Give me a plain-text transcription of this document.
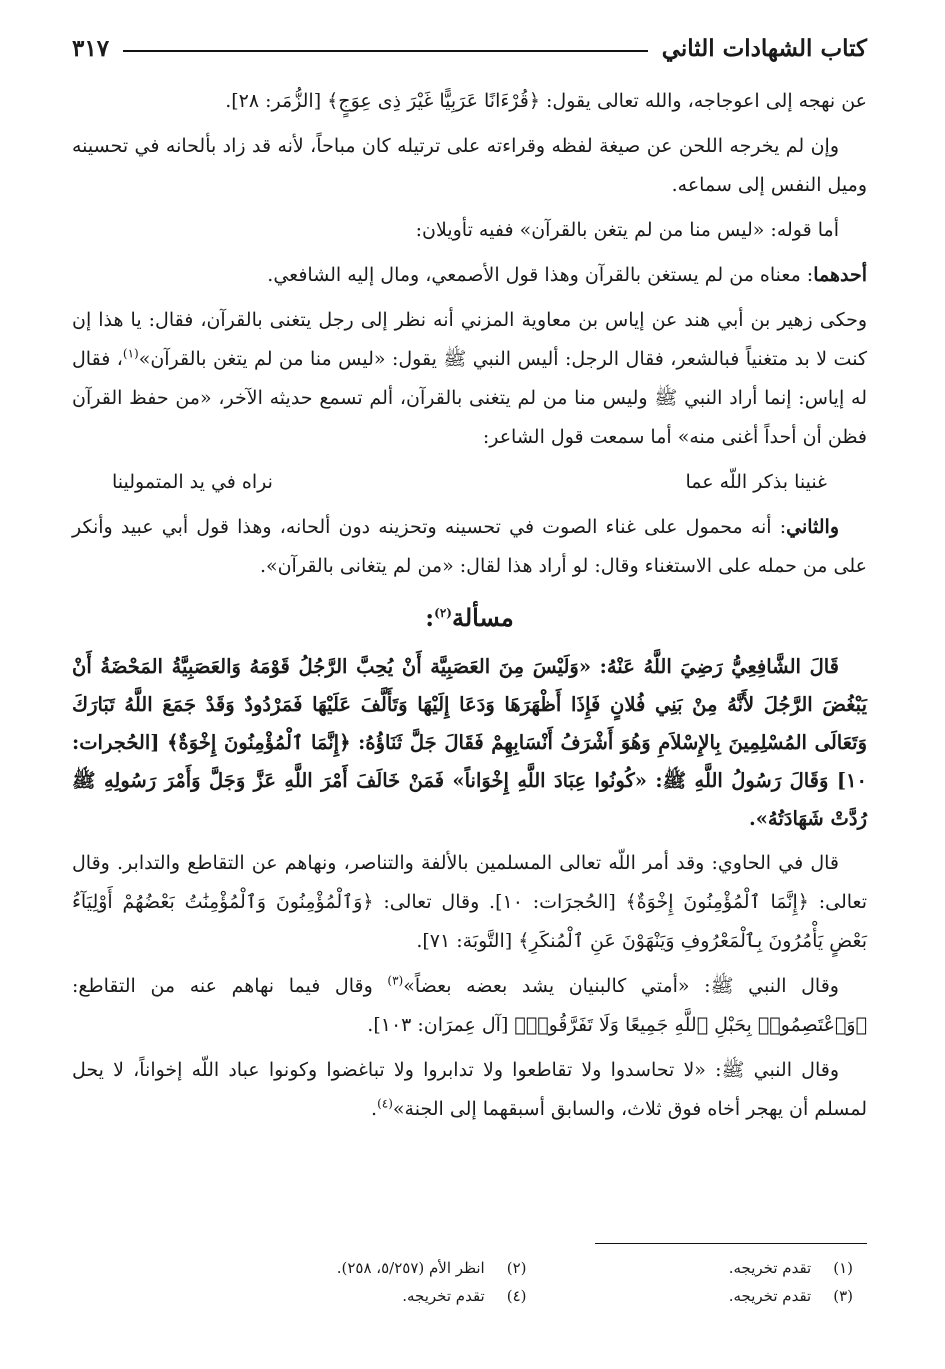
كتاب الشهادات الثاني
٣١٧

عن نهجه إلى اعوجاجه، والله تعالى يقول: ﴿قُرْءَانًا عَرَبِيًّا غَيْرَ ذِى عِوَجٍ﴾ [الزُّمَر: ٢٨].

وإن لم يخرجه اللحن عن صيغة لفظه وقراءته على ترتيله كان مباحاً، لأنه قد زاد بألحانه في تحسينه وميل النفس إلى سماعه.

أما قوله: «ليس منا من لم يتغن بالقرآن» ففيه تأويلان:

أحدهما: معناه من لم يستغن بالقرآن وهذا قول الأصمعي، ومال إليه الشافعي.

وحكى زهير بن أبي هند عن إياس بن معاوية المزني أنه نظر إلى رجل يتغنى بالقرآن، فقال: يا هذا إن كنت لا بد متغنياً فبالشعر، فقال الرجل: أليس النبي ﷺ يقول: «ليس منا من لم يتغن بالقرآن»$^{(١)}$، فقال له إياس: إنما أراد النبي ﷺ وليس منا من لم يتغنى بالقرآن، ألم تسمع حديثه الآخر، «من حفظ القرآن فظن أن أحداً أغنى منه» أما سمعت قول الشاعر:

غنينا بذكر اللّه عما
نراه في يد المتمولينا

والثاني: أنه محمول على غناء الصوت في تحسينه وتحزينه دون ألحانه، وهذا قول أبي عبيد وأنكر على من حمله على الاستغناء وقال: لو أراد هذا لقال: «من لم يتغانى بالقرآن».

مسألة$^{(٢)}$:

قَالَ الشَّافِعِيُّ رَضِيَ اللَّهُ عَنْهُ: «وَلَيْسَ مِنَ العَصَبِيَّة أَنْ يُحِبَّ الرَّجُلُ قَوْمَهُ وَالعَصَبِيَّةُ المَحْضَةُ أَنْ يَبْغُضَ الرَّجُلَ لأَنَّهُ مِنْ بَنِي فُلانٍ فَإِذَا أَظْهَرَهَا وَدَعَا إِلَيْهَا وَتَأَلَّفَ عَلَيْهَا فَمَرْدُودٌ وَقَدْ جَمَعَ اللَّهُ تَبَارَكَ وَتَعَالَى المُسْلِمِينَ بِالإِسْلاَمِ وَهُوَ أَشْرَفُ أَنْسَابِهِمْ فَقَالَ جَلَّ ثَنَاؤُهُ: ﴿إِنَّمَا ٱلْمُؤْمِنُونَ إِخْوَةٌ﴾ [الحُجرات: ١٠] وَقَالَ رَسُولُ اللَّهِ ﷺ: «كُونُوا عِبَادَ اللَّهِ إِخْوَاناً» فَمَنْ خَالَفَ أَمْرَ اللَّهِ عَزَّ وَجَلَّ وَأَمْرَ رَسُولِهِ ﷺ رُدَّتْ شَهَادَتُهُ».

قال في الحاوي: وقد أمر اللّه تعالى المسلمين بالألفة والتناصر، ونهاهم عن التقاطع والتدابر. وقال تعالى: ﴿إِنَّمَا ٱلْمُؤْمِنُونَ إِخْوَةٌ﴾ [الحُجرَات: ١٠]. وقال تعالى: ﴿وَٱلْمُؤْمِنُونَ وَٱلْمُؤْمِنَٰتُ بَعْضُهُمْ أَوْلِيَآءُ بَعْضٍ يَأْمُرُونَ بِٱلْمَعْرُوفِ وَيَنْهَوْنَ عَنِ ٱلْمُنكَرِ﴾ [التَّوبَة: ٧١].

وقال النبي ﷺ: «أمتي كالبنيان يشد بعضه بعضاً»$^{(٣)}$ وقال فيما نهاهم عنه من التقاطع: ﴿وَٱعْتَصِمُوا۟ بِحَبْلِ ٱللَّهِ جَمِيعًا وَلَا تَفَرَّقُوا۟﴾ [آل عِمرَان: ١٠٣].

وقال النبي ﷺ: «لا تحاسدوا ولا تقاطعوا ولا تدابروا ولا تباغضوا وكونوا عباد اللّه إخواناً، لا يحل لمسلم أن يهجر أخاه فوق ثلاث، والسابق أسبقهما إلى الجنة»$^{(٤)}$.

(١)
تقدم تخريجه.
(٢)
انظر الأم (٥/٢٥٧، ٢٥٨).
(٣)
تقدم تخريجه.
(٤)
تقدم تخريجه.
